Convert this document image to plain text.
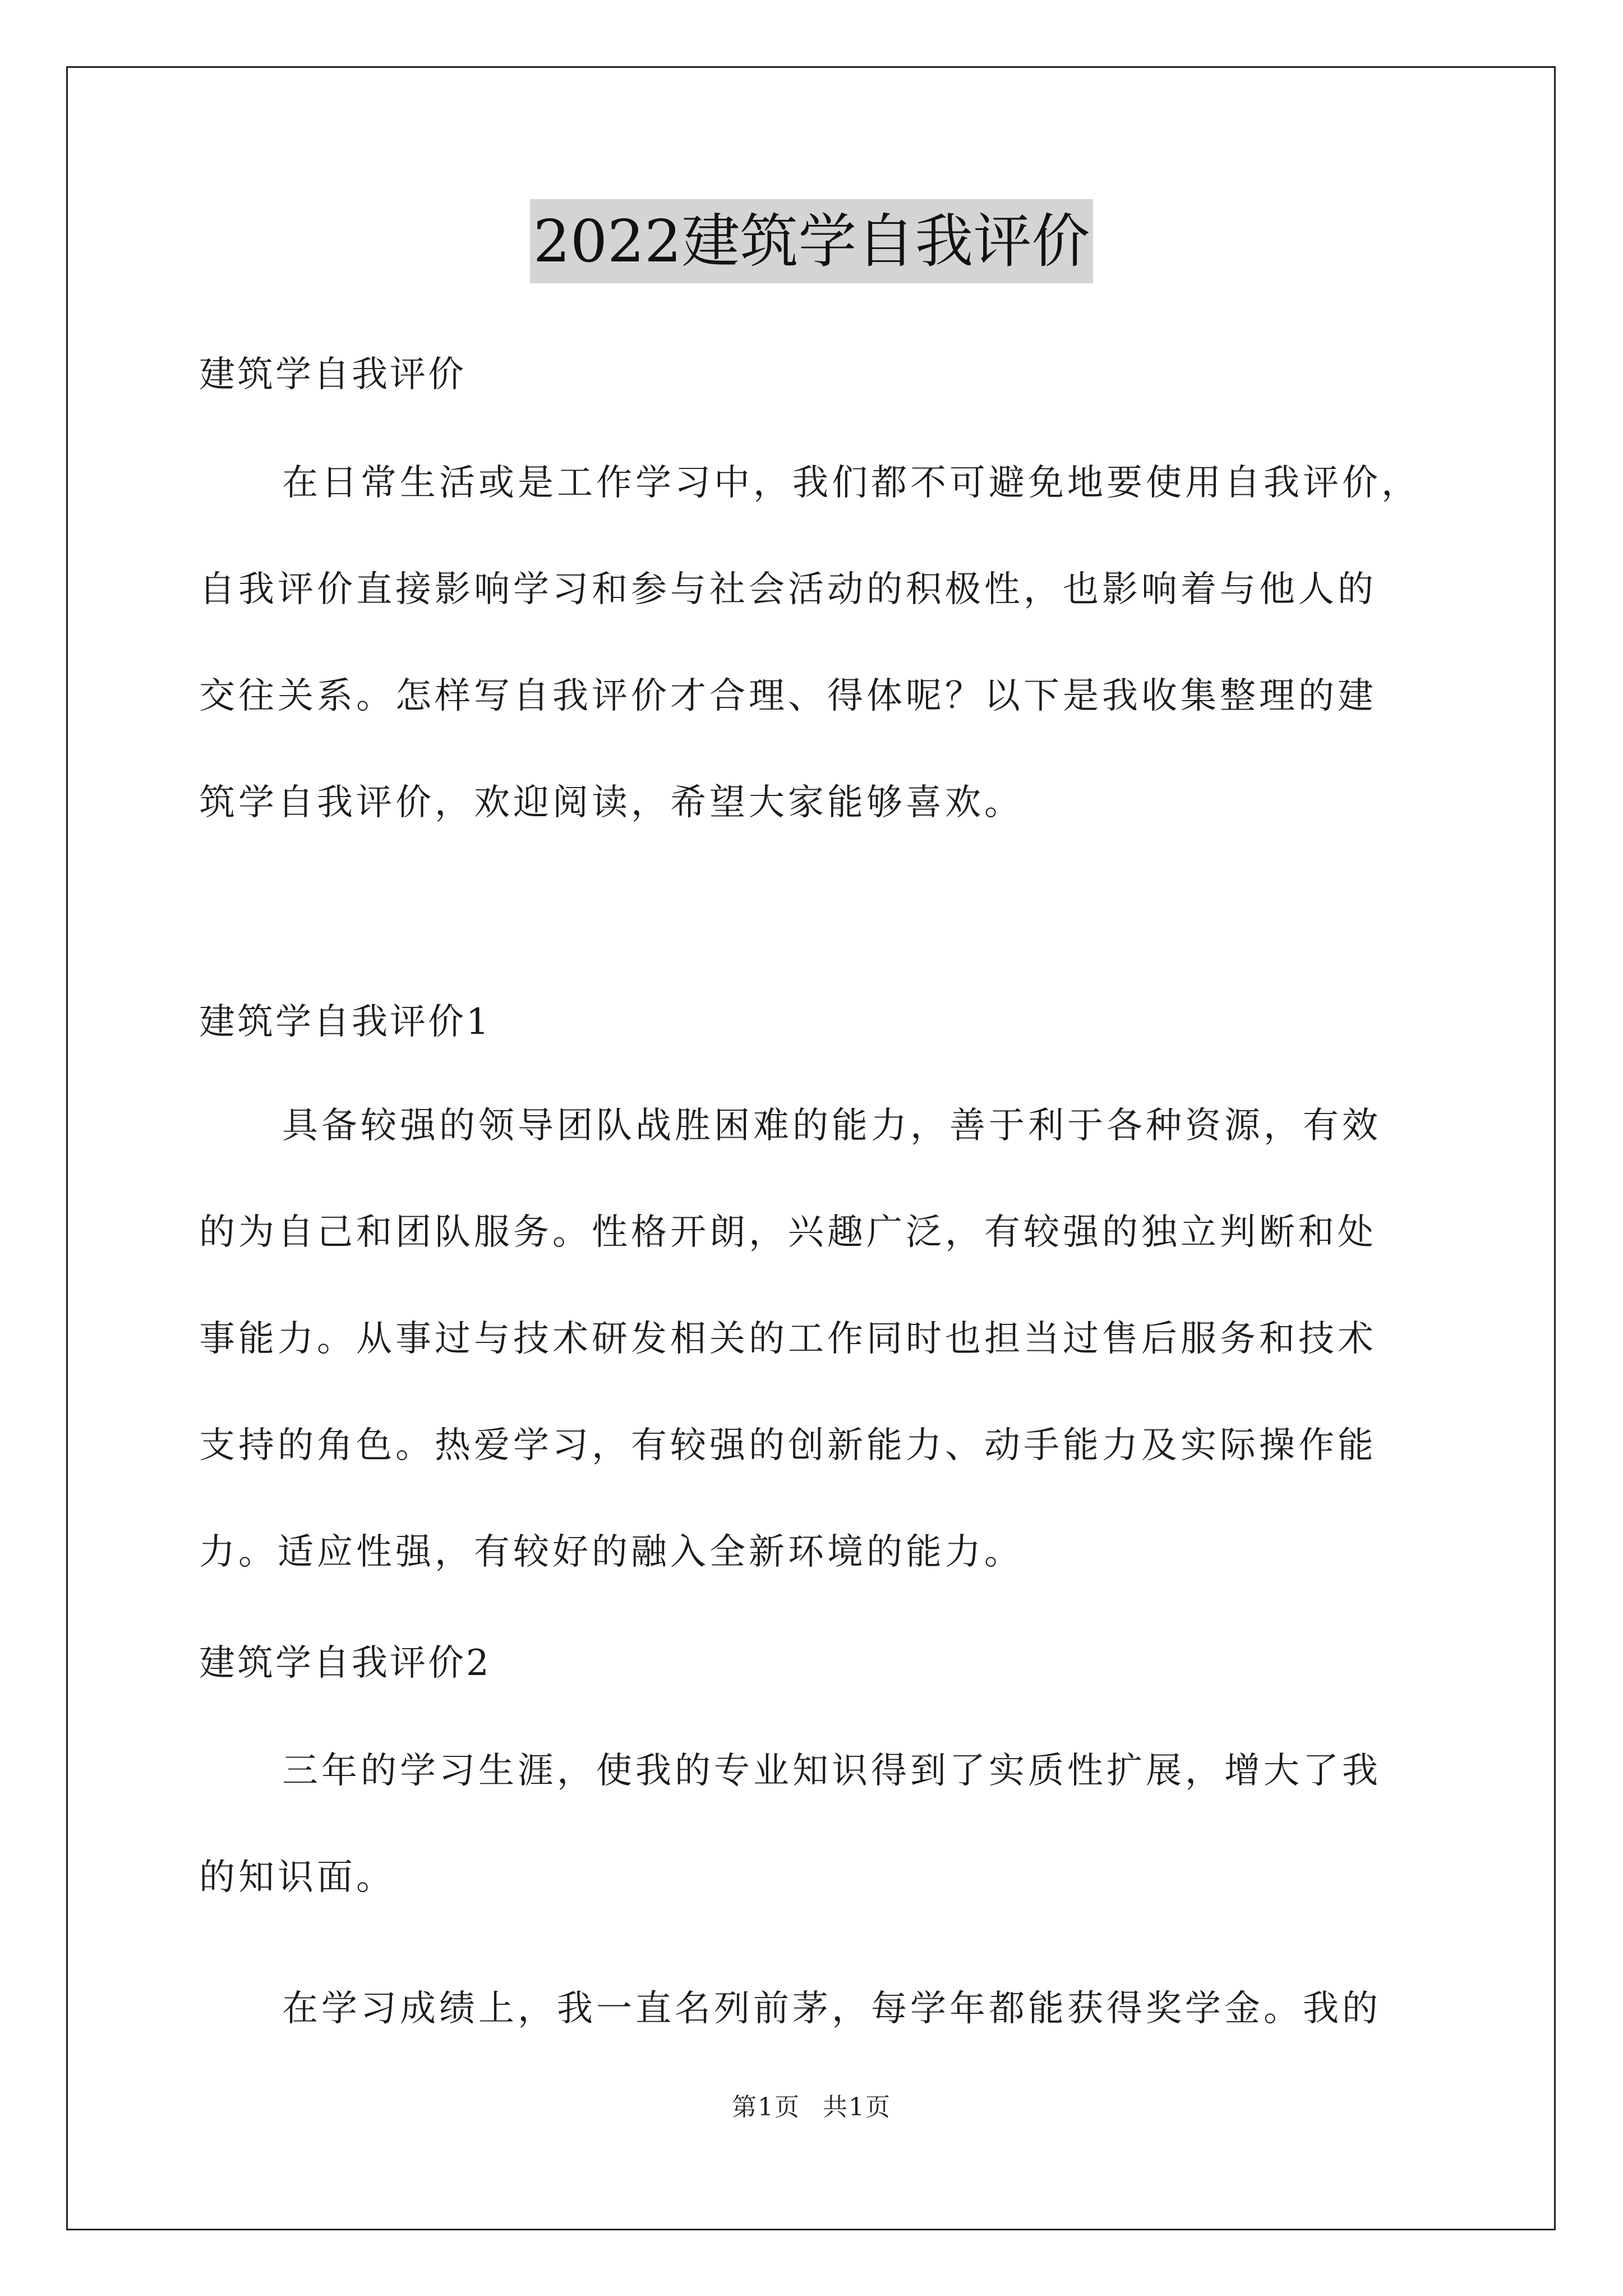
2022建筑学自我评价
建筑学自我评价
在日常生活或是工作学习中，我们都不可避免地要使用自我评价，
自我评价直接影响学习和参与社会活动的积极性，也影响着与他人的
交往关系。怎样写自我评价才合理、得体呢？以下是我收集整理的建
筑学自我评价，欢迎阅读，希望大家能够喜欢。
建筑学自我评价1
具备较强的领导团队战胜困难的能力，善于利于各种资源，有效
的为自己和团队服务。性格开朗，兴趣广泛，有较强的独立判断和处
事能力。从事过与技术研发相关的工作同时也担当过售后服务和技术
支持的角色。热爱学习，有较强的创新能力、动手能力及实际操作能
力。适应性强，有较好的融入全新环境的能力。
建筑学自我评价2
三年的学习生涯，使我的专业知识得到了实质性扩展，增大了我
的知识面。
在学习成绩上，我一直名列前茅，每学年都能获得奖学金。我的
第1页 共1页
